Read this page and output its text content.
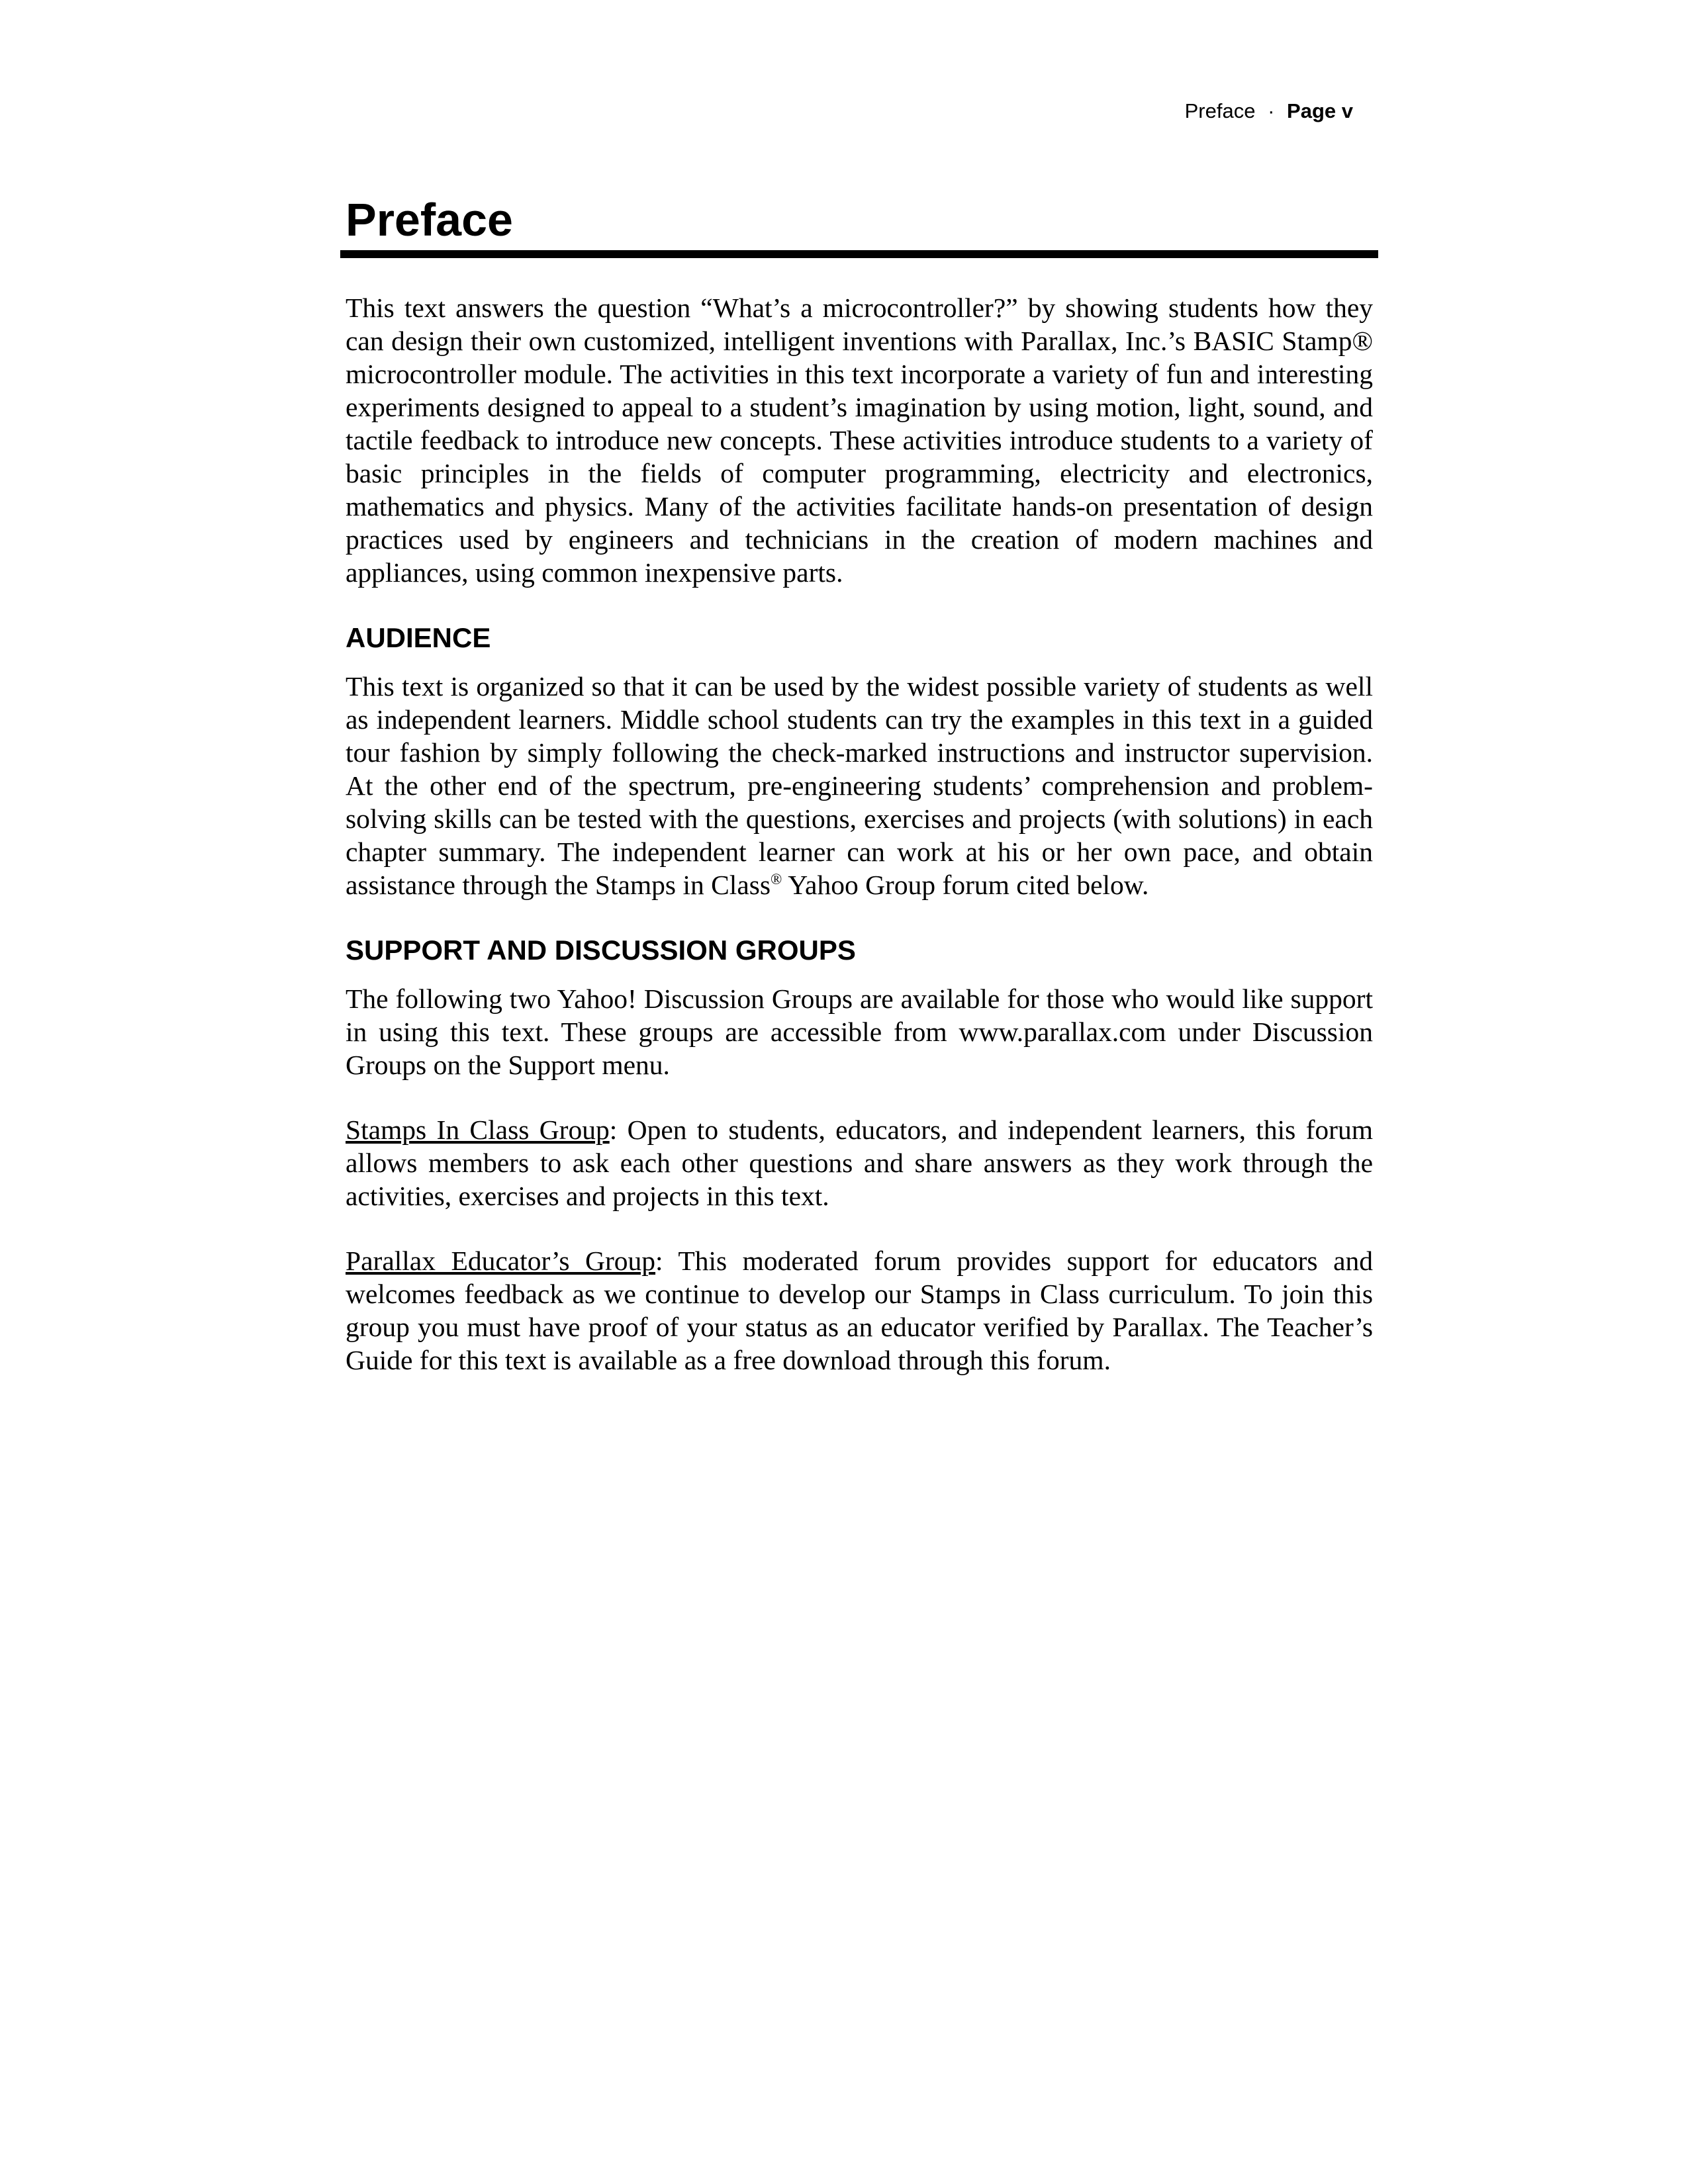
Preface · Page v
Preface

This text answers the question “What’s a microcontroller?” by showing students how they can design their own customized, intelligent inventions with Parallax, Inc.’s BASIC Stamp® microcontroller module. The activities in this text incorporate a variety of fun and interesting experiments designed to appeal to a student’s imagination by using motion, light, sound, and tactile feedback to introduce new concepts. These activities introduce students to a variety of basic principles in the fields of computer programming, electricity and electronics, mathematics and physics. Many of the activities facilitate hands-on presentation of design practices used by engineers and technicians in the creation of modern machines and appliances, using common inexpensive parts.

AUDIENCE

This text is organized so that it can be used by the widest possible variety of students as well as independent learners. Middle school students can try the examples in this text in a guided tour fashion by simply following the check-marked instructions and instructor supervision. At the other end of the spectrum, pre-engineering students’ comprehension and problem-solving skills can be tested with the questions, exercises and projects (with solutions) in each chapter summary. The independent learner can work at his or her own pace, and obtain assistance through the Stamps in Class® Yahoo Group forum cited below.

SUPPORT AND DISCUSSION GROUPS

The following two Yahoo! Discussion Groups are available for those who would like support in using this text. These groups are accessible from www.parallax.com under Discussion Groups on the Support menu.

Stamps In Class Group: Open to students, educators, and independent learners, this forum allows members to ask each other questions and share answers as they work through the activities, exercises and projects in this text.

Parallax Educator’s Group: This moderated forum provides support for educators and welcomes feedback as we continue to develop our Stamps in Class curriculum. To join this group you must have proof of your status as an educator verified by Parallax. The Teacher’s Guide for this text is available as a free download through this forum.
